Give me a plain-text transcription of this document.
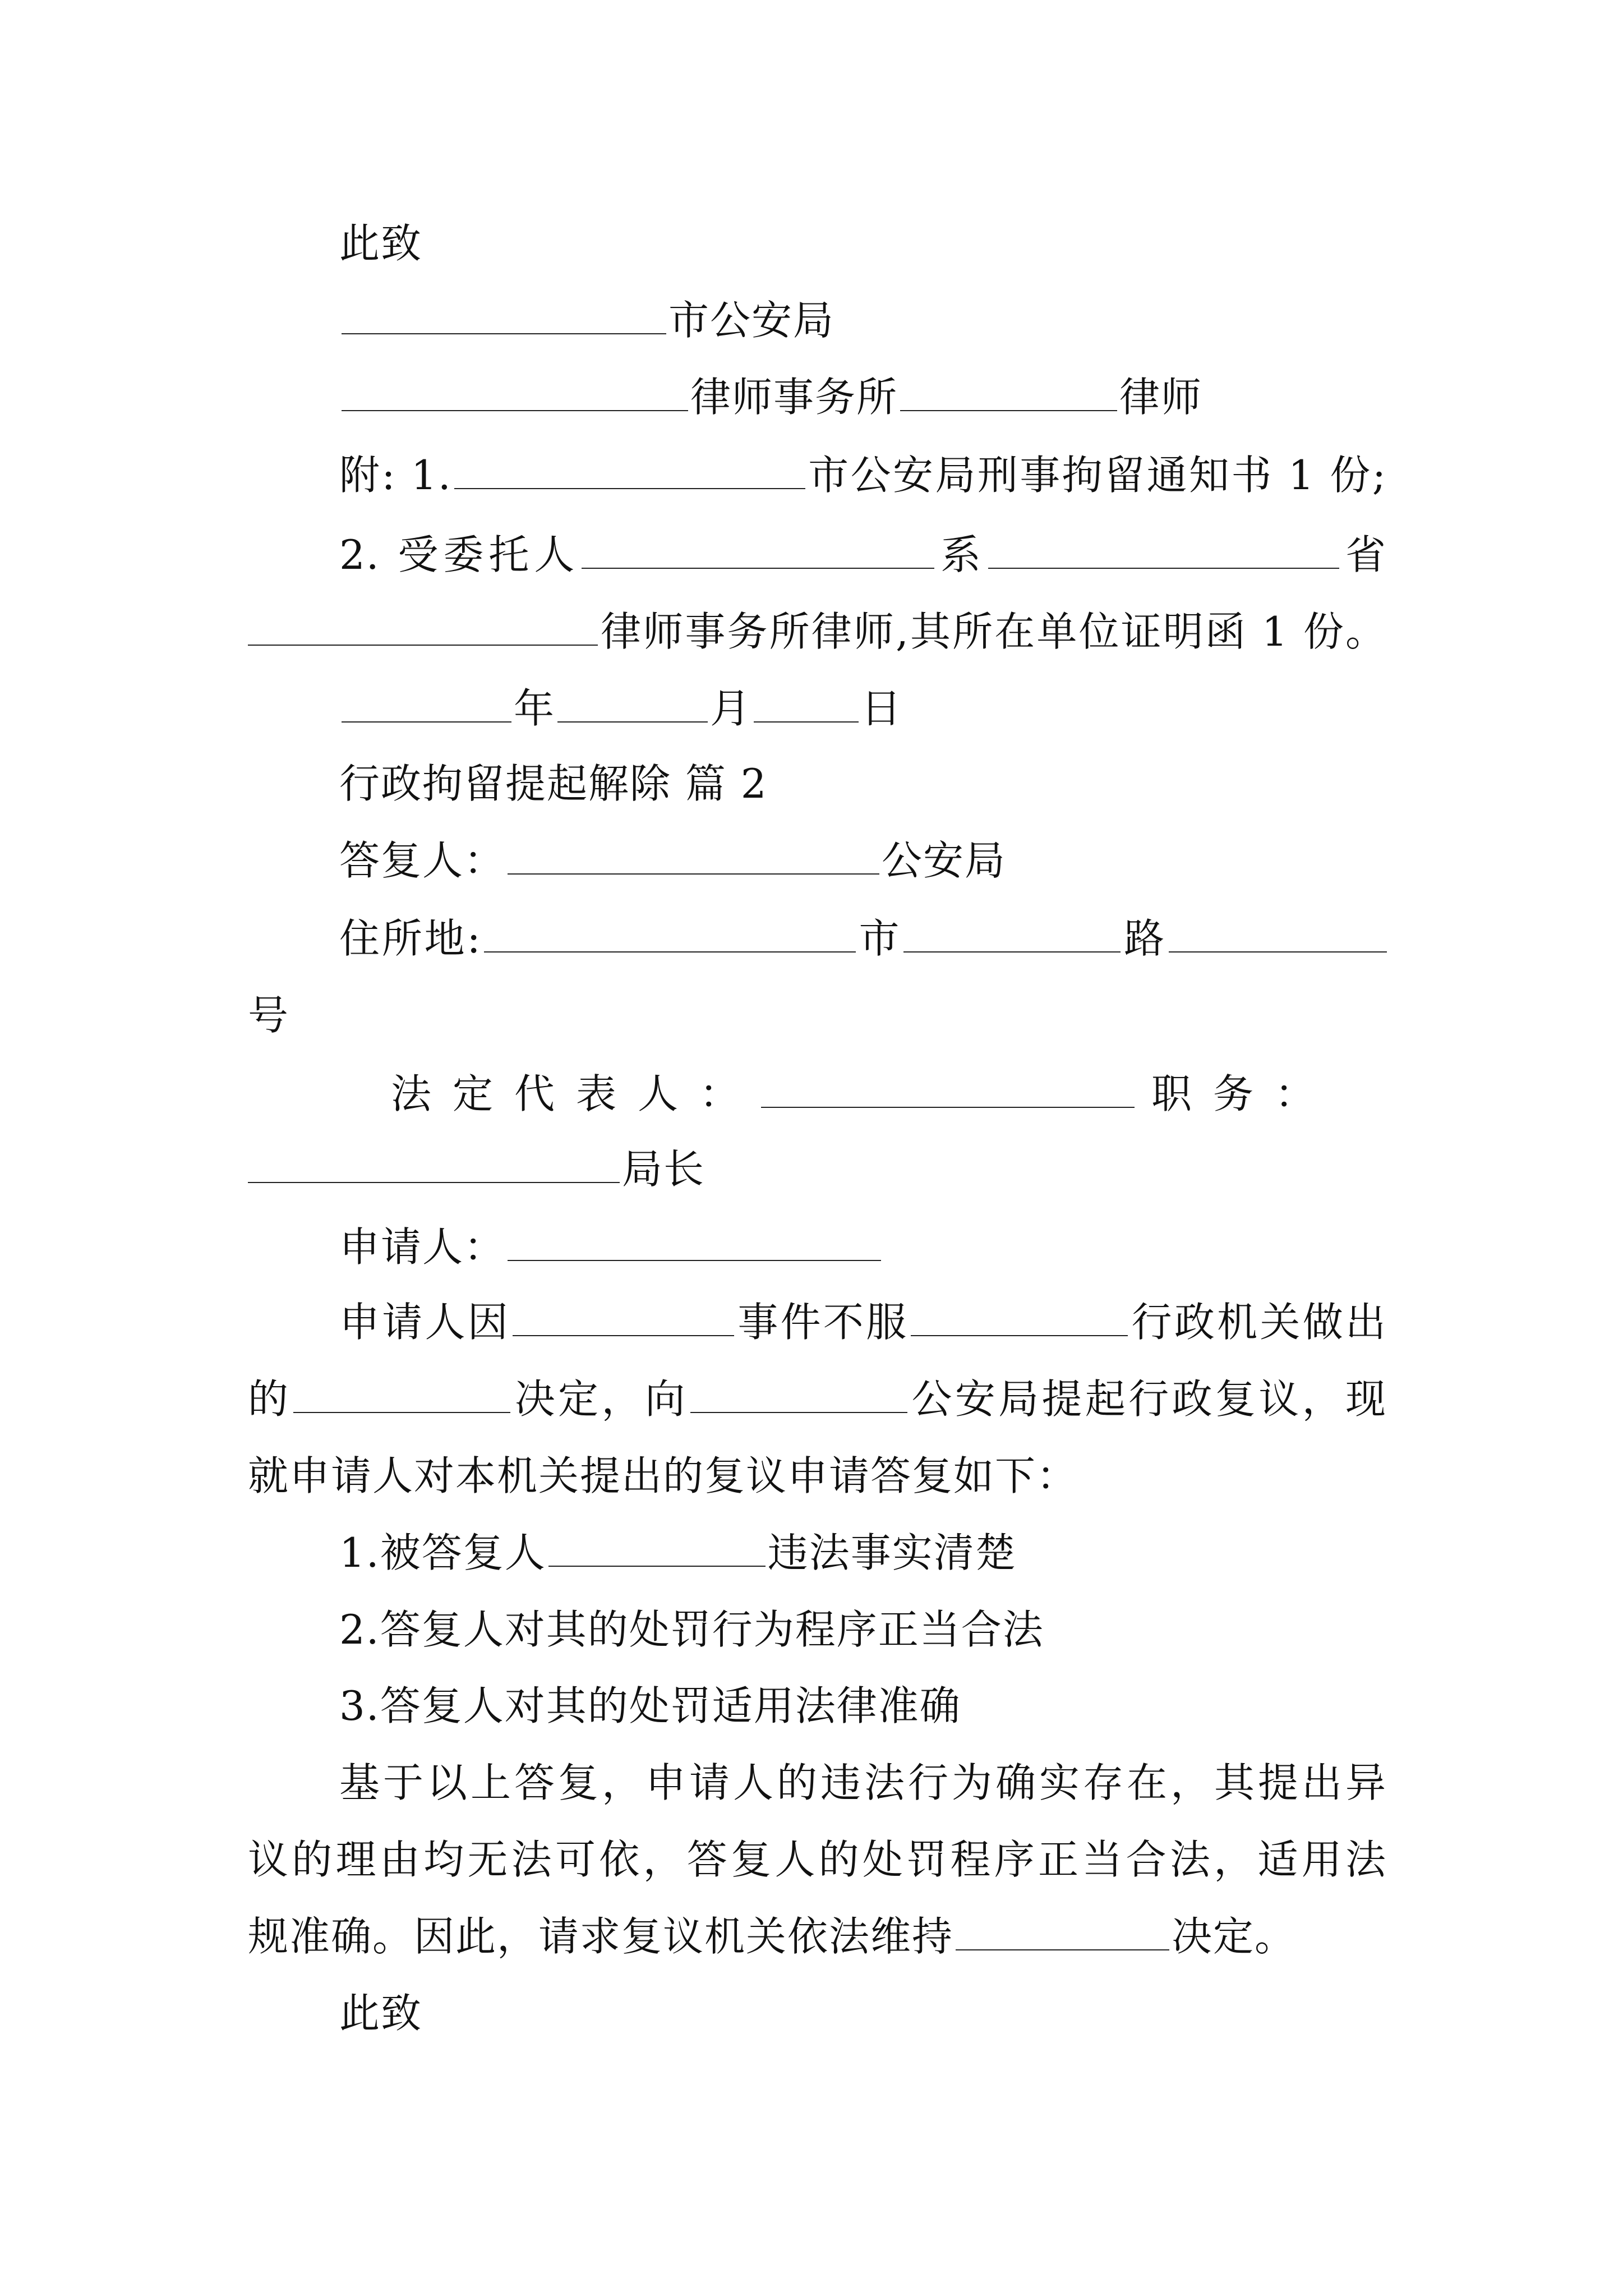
此致
市公安局
律师事务所	律师
附: 1.	市公安局刑事拘留通知书 1 份;
2. 受委托人	系	省
律师事务所律师,其所在单位证明函 1 份。
年	月	日
行政拘留提起解除 篇 2
答复人：	公安局
住所地:	市	路
号
法定代表人：	职务：
局长
申请人：
申请人因	事件不服	行政机关做出
的	决定，向	公安局提起行政复议，现
就申请人对本机关提出的复议申请答复如下：
1.被答复人	违法事实清楚
2.答复人对其的处罚行为程序正当合法
3.答复人对其的处罚适用法律准确
基于以上答复，申请人的违法行为确实存在，其提出异
议的理由均无法可依，答复人的处罚程序正当合法，适用法
规准确。因此，请求复议机关依法维持	决定。
此致
